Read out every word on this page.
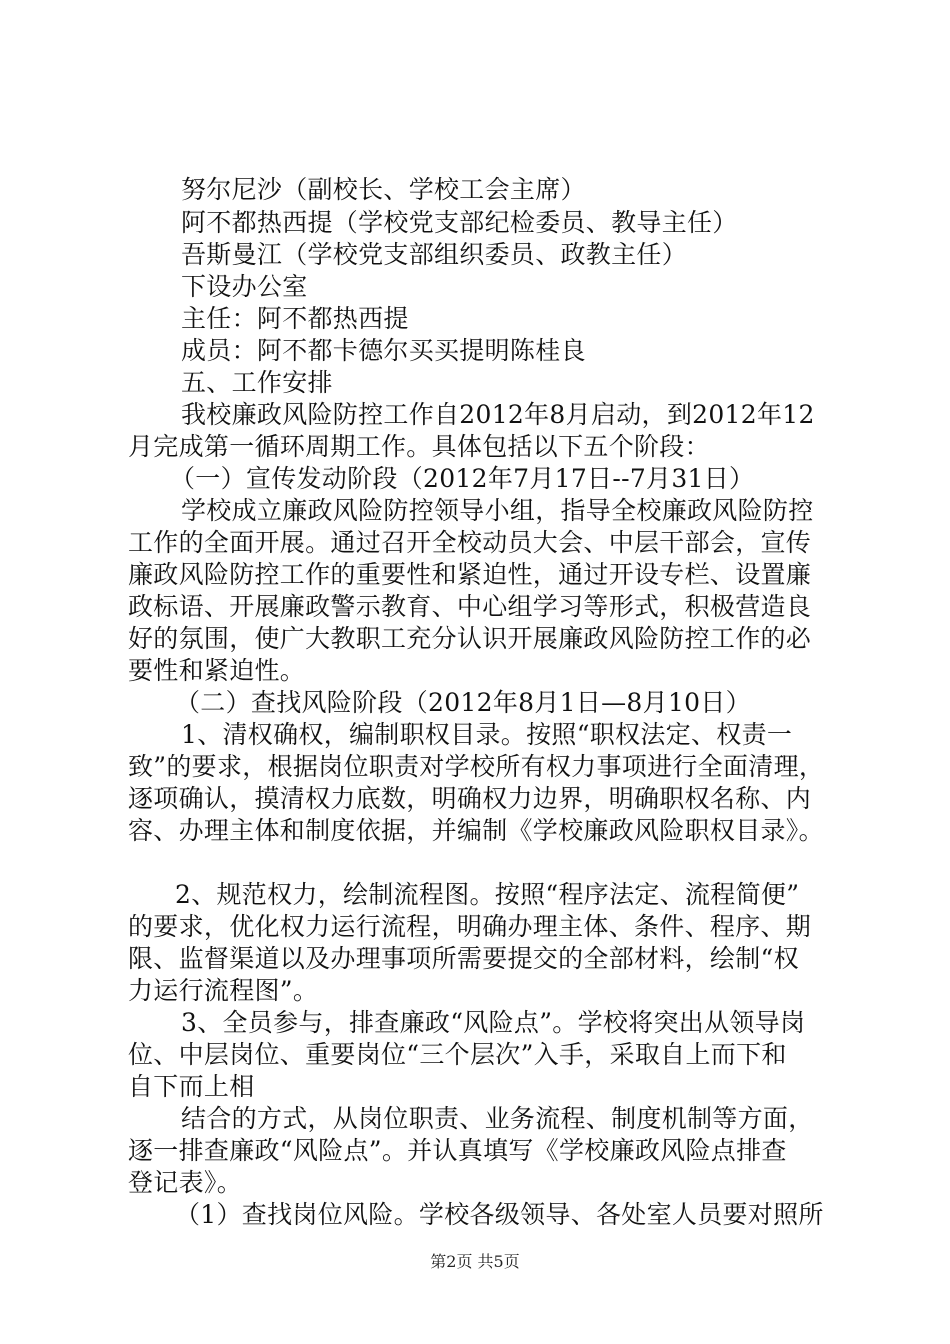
努尔尼沙（副校长、学校工会主席）
阿不都热西提（学校党支部纪检委员、教导主任）
吾斯曼江（学校党支部组织委员、政教主任）
下设办公室
主任：阿不都热西提
成员：阿不都卡德尔买买提明陈桂良
五、工作安排
我校廉政风险防控工作自2012年8月启动，到2012年12
月完成第一循环周期工作。具体包括以下五个阶段：
（一）宣传发动阶段（2012年7月17日--7月31日）
学校成立廉政风险防控领导小组，指导全校廉政风险防控
工作的全面开展。通过召开全校动员大会、中层干部会，宣传
廉政风险防控工作的重要性和紧迫性，通过开设专栏、设置廉
政标语、开展廉政警示教育、中心组学习等形式，积极营造良
好的氛围，使广大教职工充分认识开展廉政风险防控工作的必
要性和紧迫性。
（二）查找风险阶段（2012年8月1日—8月10日）
1、清权确权，编制职权目录。按照“职权法定、权责一
致”的要求，根据岗位职责对学校所有权力事项进行全面清理，
逐项确认，摸清权力底数，明确权力边界，明确职权名称、内
容、办理主体和制度依据，并编制《学校廉政风险职权目录》。
2、规范权力，绘制流程图。按照“程序法定、流程简便”
的要求，优化权力运行流程，明确办理主体、条件、程序、期
限、监督渠道以及办理事项所需要提交的全部材料，绘制“权
力运行流程图”。
3、全员参与，排查廉政“风险点”。学校将突出从领导岗
位、中层岗位、重要岗位“三个层次”入手，采取自上而下和
自下而上相
结合的方式，从岗位职责、业务流程、制度机制等方面，
逐一排查廉政“风险点”。并认真填写《学校廉政风险点排查
登记表》。
（1）查找岗位风险。学校各级领导、各处室人员要对照所
第2页 共5页
